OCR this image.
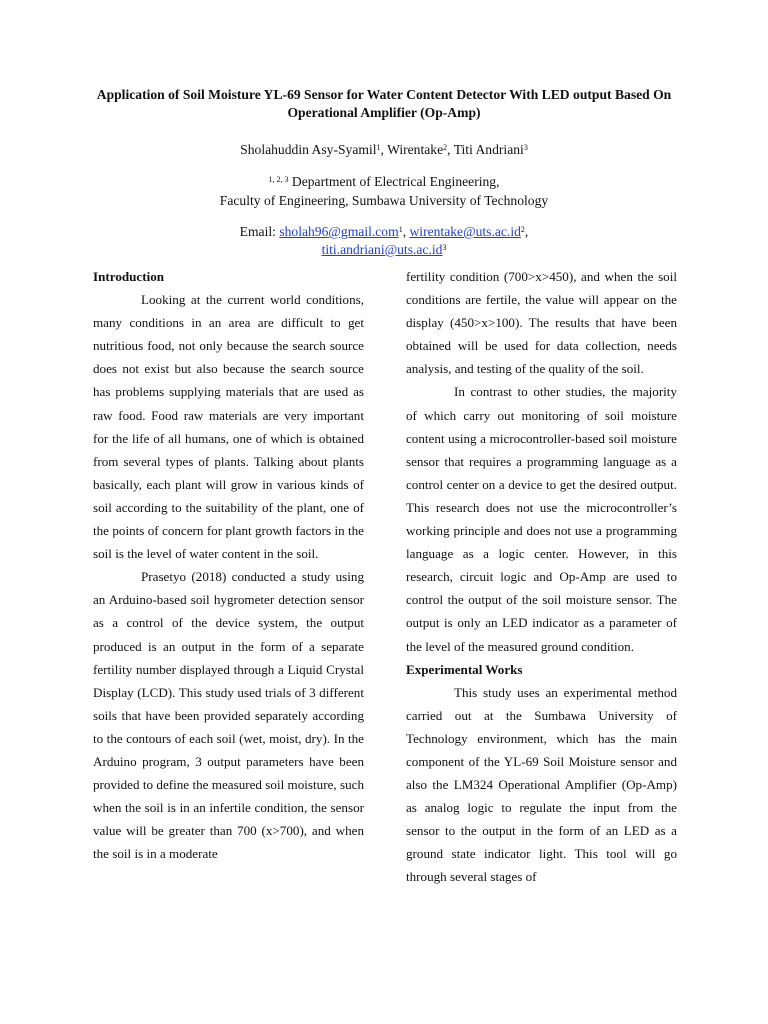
Application of Soil Moisture YL-69 Sensor for Water Content Detector With LED output Based On Operational Amplifier (Op-Amp)

Sholahuddin Asy-Syamil$^1$, Wirentake$^2$, Titi Andriani$^3$
$^{1, 2, 3}$ Department of Electrical Engineering,
Faculty of Engineering, Sumbawa University of Technology
Email: sholah96@gmail.com$^1$, $wirentake@uts.ac.id^2$,
$titi.andriani@uts.ac.id^3$
Introduction

Looking at the current world conditions, many conditions in an area are difficult to get nutritious food, not only because the search source does not exist but also because the search source has problems supplying materials that are used as raw food. Food raw materials are very important for the life of all humans, one of which is obtained from several types of plants. Talking about plants basically, each plant will grow in various kinds of soil according to the suitability of the plant, one of the points of concern for plant growth factors in the soil is the level of water content in the soil.

Prasetyo (2018) conducted a study using an Arduino-based soil hygrometer detection sensor as a control of the device system, the output produced is an output in the form of a separate fertility number displayed through a Liquid Crystal Display (LCD). This study used trials of 3 different soils that have been provided separately according to the contours of each soil (wet, moist, dry). In the Arduino program, 3 output parameters have been provided to define the measured soil moisture, such when the soil is in an infertile condition, the sensor value will be greater than 700 (x>700), and when the soil is in a moderate

fertility condition (700>x>450), and when the soil conditions are fertile, the value will appear on the display (450>x>100). The results that have been obtained will be used for data collection, needs analysis, and testing of the quality of the soil.

In contrast to other studies, the majority of which carry out monitoring of soil moisture content using a microcontroller-based soil moisture sensor that requires a programming language as a control center on a device to get the desired output. This research does not use the microcontroller’s working principle and does not use a programming language as a logic center. However, in this research, circuit logic and Op-Amp are used to control the output of the soil moisture sensor. The output is only an LED indicator as a parameter of the level of the measured ground condition.

Experimental Works

This study uses an experimental method carried out at the Sumbawa University of Technology environment, which has the main component of the YL-69 Soil Moisture sensor and also the LM324 Operational Amplifier (Op-Amp) as analog logic to regulate the input from the sensor to the output in the form of an LED as a ground state indicator light. This tool will go through several stages of
